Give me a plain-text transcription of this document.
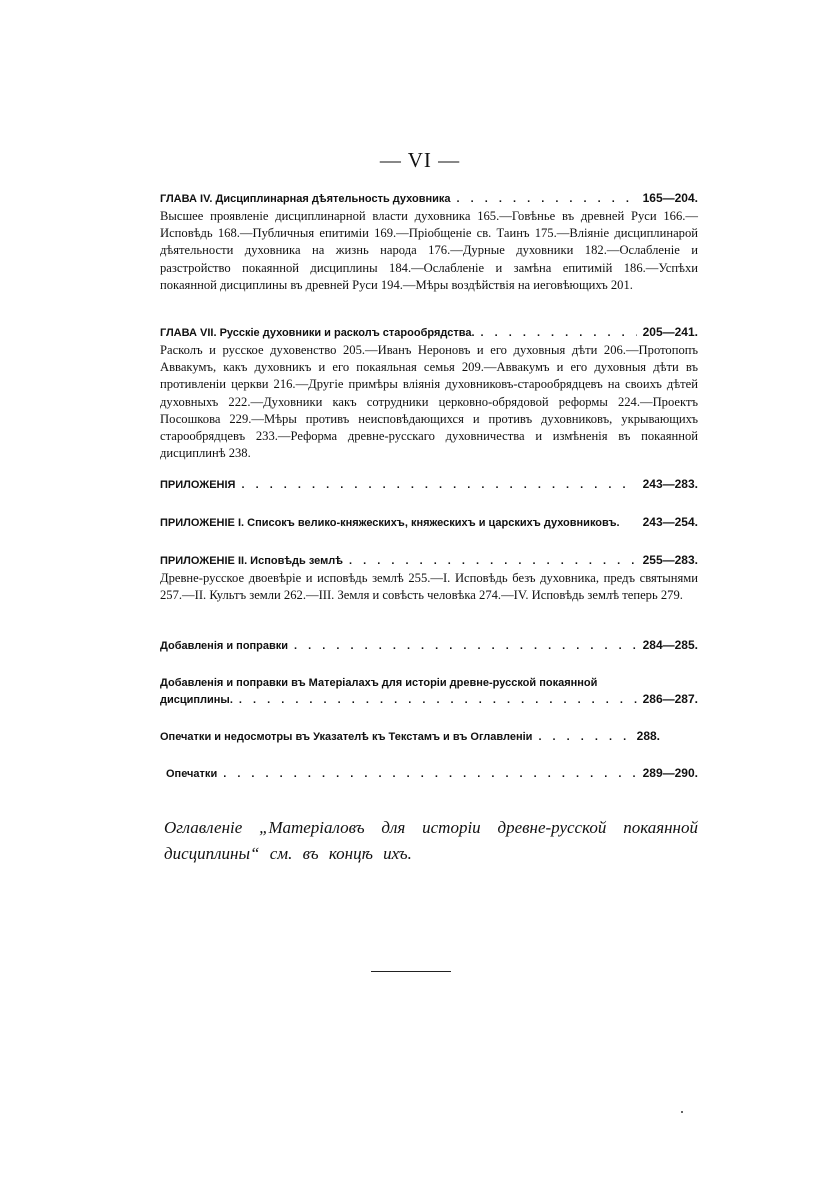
— VI —
ГЛАВА IV. Дисциплинарная дѣятельность духовника . . .	165—204.

Высшее проявленіе дисциплинарной власти духовника 165.—Говѣнье въ древней Руси 166.—Исповѣдь 168.—Публичныя епитиміи 169.—Пріобщеніе св. Таинъ 175.—Вліяніе дисциплинарой дѣятельности духовника на жизнь народа 176.—Дурные духовники 182.—Ослабленіе и разстройство покаянной дисциплины 184.—Ослабленіе и замѣна епитимій 186.—Успѣхи покаянной дисциплины въ древней Руси 194.—Мѣры воздѣйствія на иеговѣющихъ 201.

ГЛАВА VII. Русскіе духовники и расколъ старообрядства. . . .	205—241.

Расколъ и русское духовенство 205.—Иванъ Нероновъ и его духовныя дѣти 206.—Протопопъ Аввакумъ, какъ духовникъ и его покаяльная семья 209.—Аввакумъ и его духовныя дѣти въ противленіи церкви 216.—Другіе примѣры вліянія духовниковъ-старообрядцевъ на своихъ дѣтей духовныхъ 222.—Духовники какъ сотрудники церковно-обрядовой реформы 224.—Проектъ Посошкова 229.—Мѣры противъ неисповѣдающихся и противъ духовниковъ, укрывающихъ старообрядцевъ 233.—Реформа древне-русскаго духовничества и измѣненія въ покаянной дисциплинѣ 238.

ПРИЛОЖЕНІЯ . . .	243—283.
ПРИЛОЖЕНІЕ I. Списокъ велико-княжескихъ, княжескихъ и царскихъ духовниковъ. 243—254.
ПРИЛОЖЕНІЕ II. Исповѣдь землѣ . . .	255—283.

Древне-русское двоевѣріе и исповѣдь землѣ 255.—I. Исповѣдь безъ духовника, предъ святынями 257.—II. Культъ земли 262.—III. Земля и совѣсть человѣка 274.—IV. Исповѣдь землѣ теперь 279.

Добавленія и поправки . . .	284—285.
Добавленія и поправки въ Матеріалахъ для исторіи древне-русской покаянной
дисциплины. . . .	286—287.
Опечатки и недосмотры въ Указателѣ къ Текстамъ и въ Оглавленіи . . .	288.
Опечатки . . .	289—290.

Оглавленіе „Матеріаловъ для исторіи древне-русской покаянной дисциплины“ см. въ концѣ ихъ.
